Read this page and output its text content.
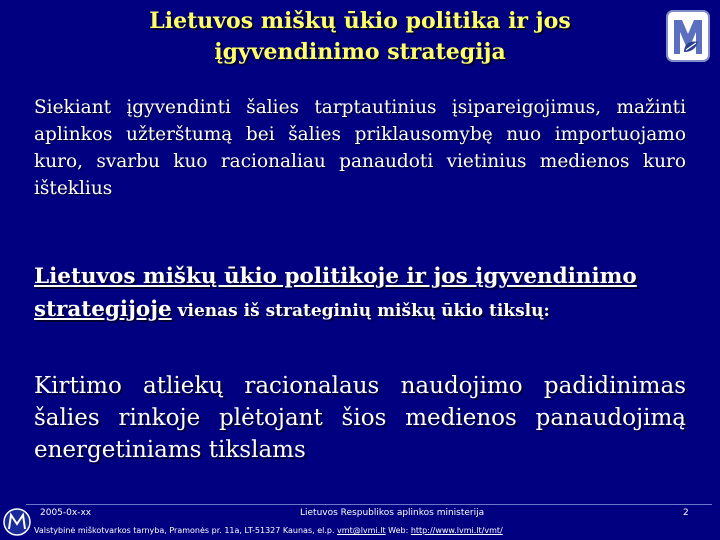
Lietuvos miškų ūkio politika ir jos
įgyvendinimo strategija
Siekiant įgyvendinti šalies tarptautinius įsipareigojimus, mažinti aplinkos užterštumą bei šalies priklausomybę nuo importuojamo kuro, svarbu kuo racionaliau panaudoti vietinius medienos kuro išteklius
Lietuvos miškų ūkio politikoje ir jos įgyvendinimo strategijoje vienas iš strateginių miškų ūkio tikslų:
Kirtimo atliekų racionalaus naudojimo padidinimas šalies rinkoje plėtojant šios medienos panaudojimą energetiniams tikslams
2005-0x-xx	Lietuvos Respublikos aplinkos ministerija	2
Valstybinė miškotvarkos tarnyba, Pramonės pr. 11a, LT-51327 Kaunas, el.p. vmt@lvmi.lt Web: http://www.lvmi.lt/vmt/
